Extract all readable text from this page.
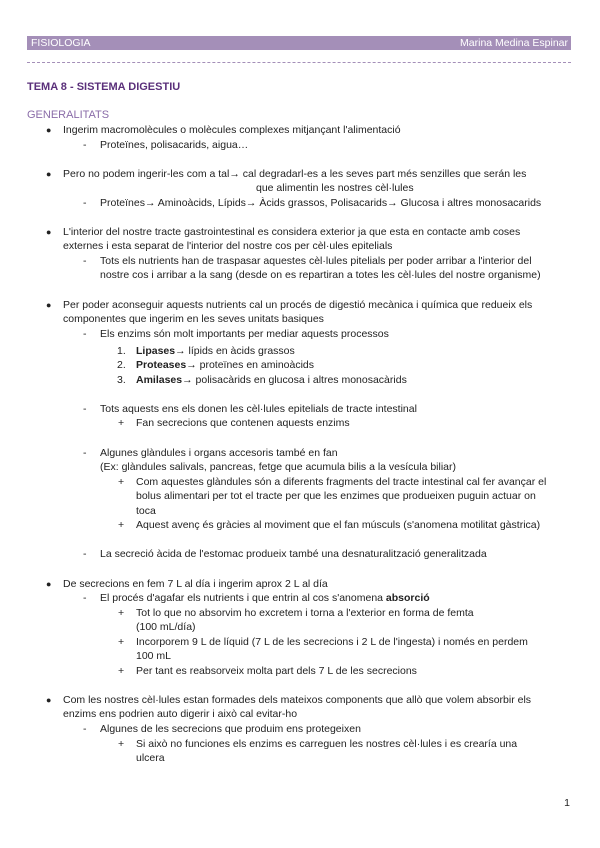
FISIOLOGIA	Marina Medina Espinar
TEMA 8 - SISTEMA DIGESTIU
GENERALITATS
● Ingerim macromolècules o molècules complexes mitjançant l'alimentació
- Proteïnes, polisacarids, aigua…
● Pero no podem ingerir-les com a tal→ cal degradarl-es a les seves part més senzilles que serán les
que alimentin les nostres cèl·lules
- Proteïnes→ Aminoàcids, Lípids→ Àcids grassos, Polisacarids→ Glucosa i altres monosacarids
● L'interior del nostre tracte gastrointestinal es considera exterior ja que esta en contacte amb coses
externes i esta separat de l'interior del nostre cos per cèl·ules epitelials
- Tots els nutrients han de traspasar aquestes cèl·lules pitelials per poder arribar a l'interior del
nostre cos i arribar a la sang (desde on es repartiran a totes les cèl·lules del nostre organisme)
● Per poder aconseguir aquests nutrients cal un procés de digestió mecànica i química que redueix els
componentes que ingerim en les seves unitats basiques
- Els enzims són molt importants per mediar aquests processos
1. Lipases→ lípids en àcids grassos
2. Proteases→ proteïnes en aminoàcids
3. Amilases→ polisacàrids en glucosa i altres monosacàrids
- Tots aquests ens els donen les cèl·lules epitelials de tracte intestinal
+ Fan secrecions que contenen aquests enzims
- Algunes glàndules i organs accesoris també en fan
(Ex: glàndules salivals, pancreas, fetge que acumula bilis a la vesícula biliar)
+ Com aquestes glàndules són a diferents fragments del tracte intestinal cal fer avançar el
bolus alimentari per tot el tracte per que les enzimes que produeixen puguin actuar on
toca
+ Aquest avenç és gràcies al moviment que el fan músculs (s'anomena motilitat gàstrica)
- La secreció àcida de l'estomac produeix també una desnaturalització generalitzada
● De secrecions en fem 7 L al día i ingerim aprox 2 L al día
- El procés d'agafar els nutrients i que entrin al cos s'anomena absorció
+ Tot lo que no absorvim ho excretem i torna a l'exterior en forma de femta
(100 mL/día)
+ Incorporem 9 L de líquid (7 L de les secrecions i 2 L de l'ingesta) i només en perdem
100 mL
+ Per tant es reabsorveix molta part dels 7 L de les secrecions
● Com les nostres cèl·lules estan formades dels mateixos components que allò que volem absorbir els
enzims ens podrien auto digerir i això cal evitar-ho
- Algunes de les secrecions que produim ens protegeixen
+ Si això no funciones els enzims es carreguen les nostres cèl·lules i es crearía una
ulcera
1
